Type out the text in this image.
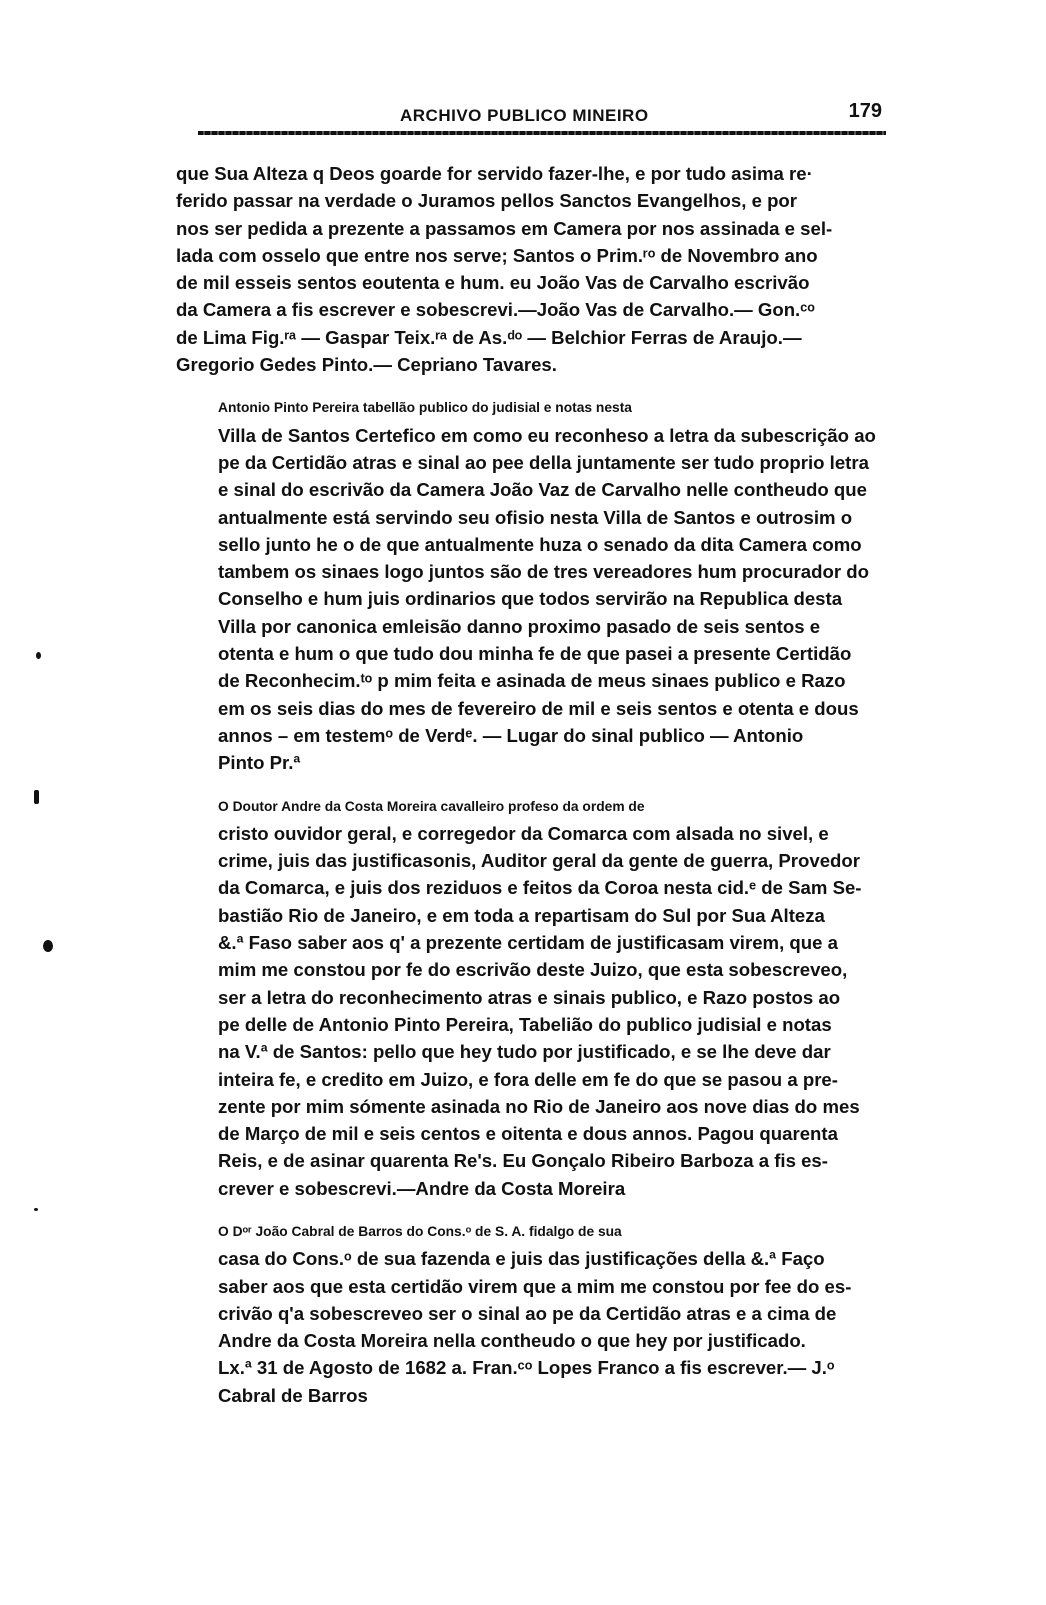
ARCHIVO PUBLICO MINEIRO	179
que Sua Alteza q Deos goarde for servido fazer-lhe, e por tudo asima re·
ferido passar na verdade o Juramos pellos Sanctos Evangelhos, e por
nos ser pedida a prezente a passamos em Camera por nos assinada e sel-
lada com osselo que entre nos serve; Santos o Prim.ʳᵒ de Novembro ano
de mil esseis sentos eoutenta e hum. eu João Vas de Carvalho escrivão
da Camera a fis escrever e sobescrevi.—João Vas de Carvalho.— Gon.ᶜᵒ
de Lima Fig.ʳᵃ — Gaspar Teix.ʳᵃ de As.ᵈᵒ — Belchior Ferras de Araujo.—
Gregorio Gedes Pinto.— Cepriano Tavares.
Antonio Pinto Pereira tabellão publico do judisial e notas nesta
Villa de Santos Certefico em como eu reconheso a letra da subescrição ao
pe da Certidão atras e sinal ao pee della juntamente ser tudo proprio letra
e sinal do escrivão da Camera João Vaz de Carvalho nelle contheudo que
antualmente está servindo seu ofisio nesta Villa de Santos e outrosim o
sello junto he o de que antualmente huza o senado da dita Camera como
tambem os sinaes logo juntos são de tres vereadores hum procurador do
Conselho e hum juis ordinarios que todos servirão na Republica desta
Villa por canonica emleisão danno proximo pasado de seis sentos e
otenta e hum o que tudo dou minha fe de que pasei a presente Certidão
de Reconhecim.ᵗᵒ p mim feita e asinada de meus sinaes publico e Razo
em os seis dias do mes de fevereiro de mil e seis sentos e otenta e dous
annos – em testemᵒ de Verdᵉ. — Lugar do sinal publico — Antonio
Pinto Pr.ª
O Doutor Andre da Costa Moreira cavalleiro profeso da ordem de
cristo ouvidor geral, e corregedor da Comarca com alsada no sivel, e
crime, juis das justificasonis, Auditor geral da gente de guerra, Provedor
da Comarca, e juis dos reziduos e feitos da Coroa nesta cid.ᵉ de Sam Se-
bastião Rio de Janeiro, e em toda a repartisam do Sul por Sua Alteza
&.ª Faso saber aos q' a prezente certidam de justificasam virem, que a
mim me constou por fe do escrivão deste Juizo, que esta sobescreveo,
ser a letra do reconhecimento atras e sinais publico, e Razo postos ao
pe delle de Antonio Pinto Pereira, Tabelião do publico judisial e notas
na V.ª de Santos: pello que hey tudo por justificado, e se lhe deve dar
inteira fe, e credito em Juizo, e fora delle em fe do que se pasou a pre-
zente por mim sómente asinada no Rio de Janeiro aos nove dias do mes
de Março de mil e seis centos e oitenta e dous annos. Pagou quarenta
Reis, e de asinar quarenta Re's. Eu Gonçalo Ribeiro Barboza a fis es-
crever e sobescrevi.—Andre da Costa Moreira
O Dᵒʳ João Cabral de Barros do Cons.ᵒ de S. A. fidalgo de sua
casa do Cons.ᵒ de sua fazenda e juis das justificações della &.ª Faço
saber aos que esta certidão virem que a mim me constou por fee do es-
crivão q'a sobescreveo ser o sinal ao pe da Certidão atras e a cima de
Andre da Costa Moreira nella contheudo o que hey por justificado.
Lx.ª 31 de Agosto de 1682 a. Fran.ᶜᵒ Lopes Franco a fis escrever.— J.ᵒ
Cabral de Barros
